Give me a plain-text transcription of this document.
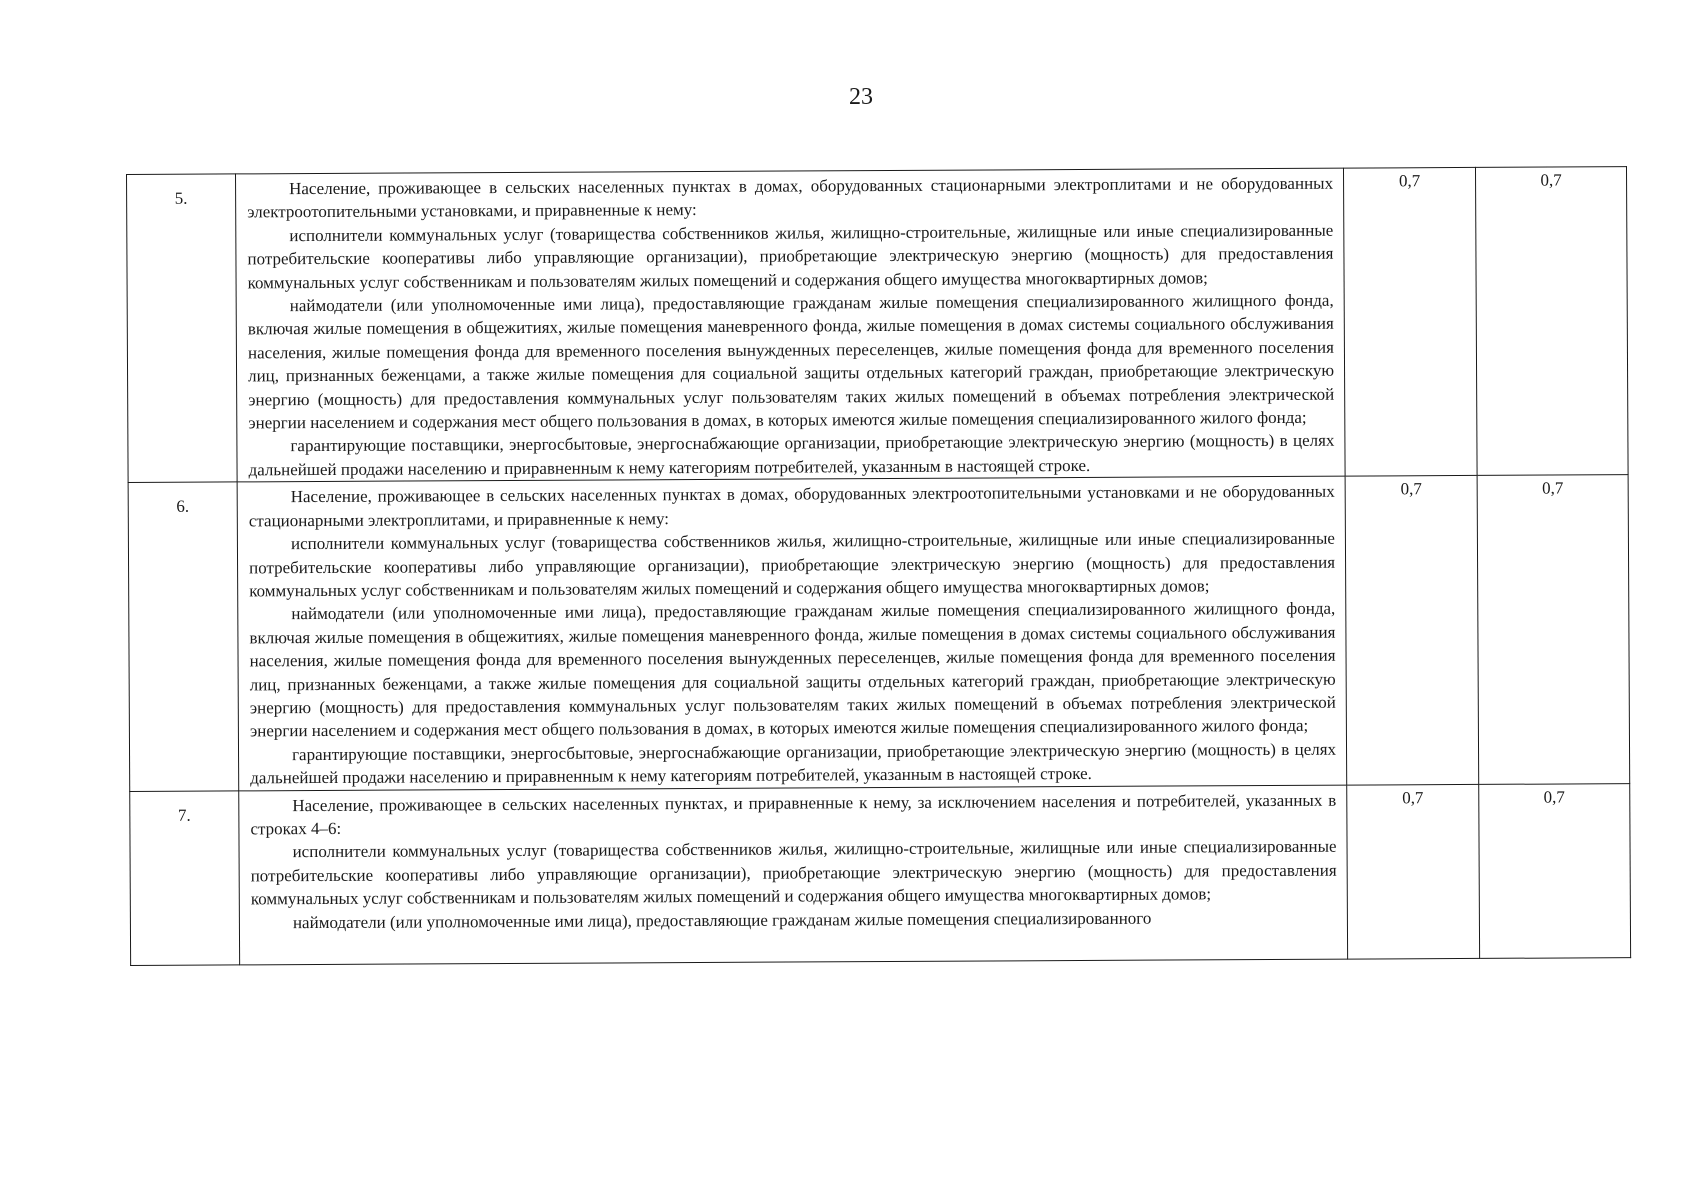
23
5.	Население, проживающее в сельских населенных пунктах в домах, оборудованных стационарными электроплитами и не оборудованных электроотопительными установками, и приравненные к нему:

исполнители коммунальных услуг (товарищества собственников жилья, жилищно-строительные, жилищные или иные специализированные потребительские кооперативы либо управляющие организации), приобретающие электрическую энергию (мощность) для предоставления коммунальных услуг собственникам и пользователям жилых помещений и содержания общего имущества многоквартирных домов;

наймодатели (или уполномоченные ими лица), предоставляющие гражданам жилые помещения специализированного жилищного фонда, включая жилые помещения в общежитиях, жилые помещения маневренного фонда, жилые помещения в домах системы социального обслуживания населения, жилые помещения фонда для временного поселения вынужденных переселенцев, жилые помещения фонда для временного поселения лиц, признанных беженцами, а также жилые помещения для социальной защиты отдельных категорий граждан, приобретающие электрическую энергию (мощность) для предоставления коммунальных услуг пользователям таких жилых помещений в объемах потребления электрической энергии населением и содержания мест общего пользования в домах, в которых имеются жилые помещения специализированного жилого фонда;

гарантирующие поставщики, энергосбытовые, энергоснабжающие организации, приобретающие электрическую энергию (мощность) в целях дальнейшей продажи населению и приравненным к нему категориям потребителей, указанным в настоящей строке.	0,7	0,7
6.	Население, проживающее в сельских населенных пунктах в домах, оборудованных электроотопительными установками и не оборудованных стационарными электроплитами, и приравненные к нему:

исполнители коммунальных услуг (товарищества собственников жилья, жилищно-строительные, жилищные или иные специализированные потребительские кооперативы либо управляющие организации), приобретающие электрическую энергию (мощность) для предоставления коммунальных услуг собственникам и пользователям жилых помещений и содержания общего имущества многоквартирных домов;

наймодатели (или уполномоченные ими лица), предоставляющие гражданам жилые помещения специализированного жилищного фонда, включая жилые помещения в общежитиях, жилые помещения маневренного фонда, жилые помещения в домах системы социального обслуживания населения, жилые помещения фонда для временного поселения вынужденных переселенцев, жилые помещения фонда для временного поселения лиц, признанных беженцами, а также жилые помещения для социальной защиты отдельных категорий граждан, приобретающие электрическую энергию (мощность) для предоставления коммунальных услуг пользователям таких жилых помещений в объемах потребления электрической энергии населением и содержания мест общего пользования в домах, в которых имеются жилые помещения специализированного жилого фонда;

гарантирующие поставщики, энергосбытовые, энергоснабжающие организации, приобретающие электрическую энергию (мощность) в целях дальнейшей продажи населению и приравненным к нему категориям потребителей, указанным в настоящей строке.	0,7	0,7
7.	Население, проживающее в сельских населенных пунктах, и приравненные к нему, за исключением населения и потребителей, указанных в строках 4–6:

исполнители коммунальных услуг (товарищества собственников жилья, жилищно-строительные, жилищные или иные специализированные потребительские кооперативы либо управляющие организации), приобретающие электрическую энергию (мощность) для предоставления коммунальных услуг собственникам и пользователям жилых помещений и содержания общего имущества многоквартирных домов;

наймодатели (или уполномоченные ими лица), предоставляющие гражданам жилые помещения специализированного	0,7	0,7
